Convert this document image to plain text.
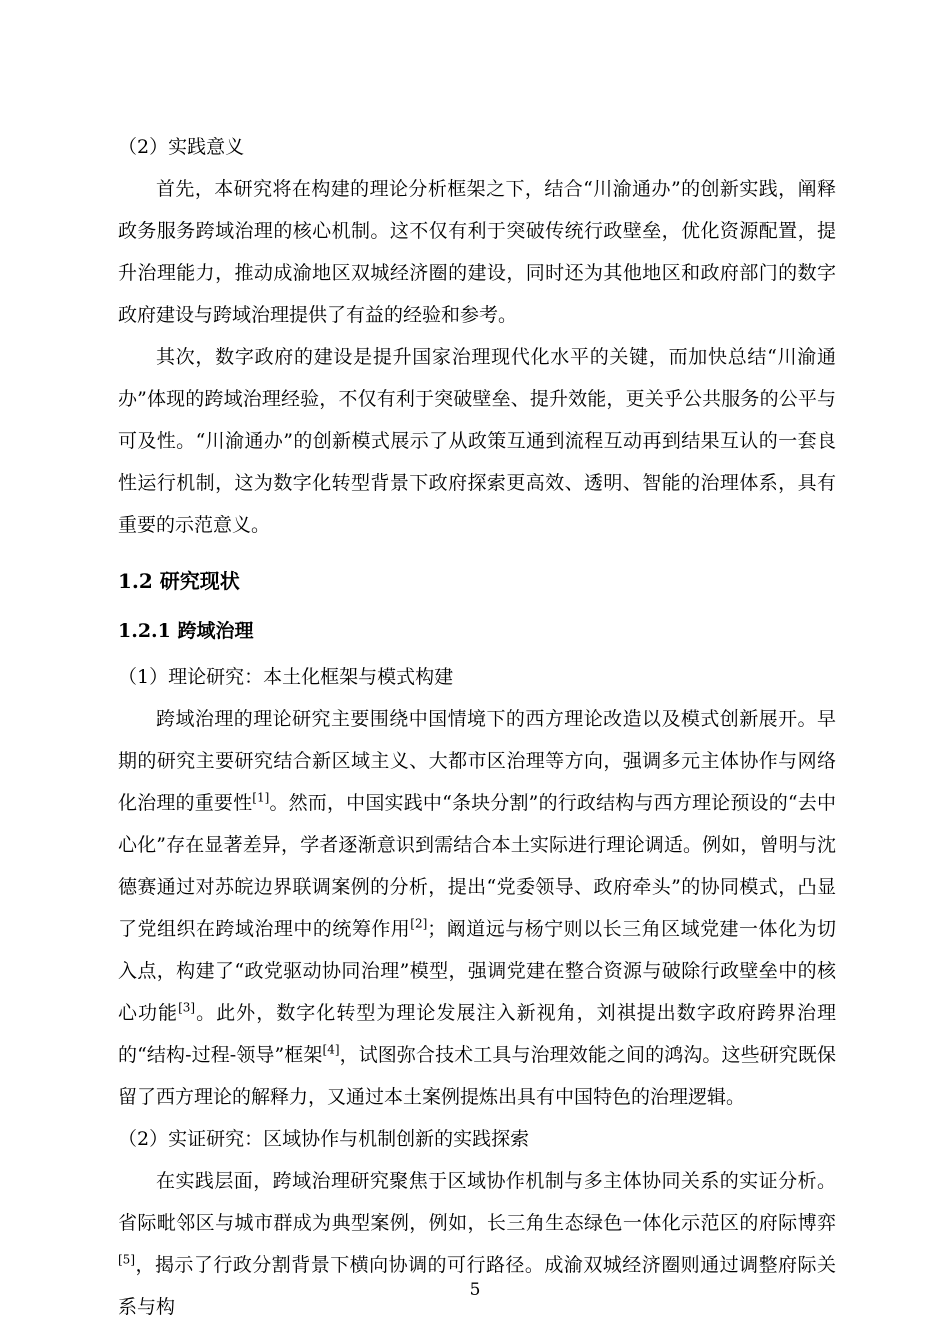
（2）实践意义

首先，本研究将在构建的理论分析框架之下，结合“川渝通办”的创新实践，阐释政务服务跨域治理的核心机制。这不仅有利于突破传统行政壁垒，优化资源配置，提升治理能力，推动成渝地区双城经济圈的建设，同时还为其他地区和政府部门的数字政府建设与跨域治理提供了有益的经验和参考。

其次，数字政府的建设是提升国家治理现代化水平的关键，而加快总结“川渝通办”体现的跨域治理经验，不仅有利于突破壁垒、提升效能，更关乎公共服务的公平与可及性。“川渝通办”的创新模式展示了从政策互通到流程互动再到结果互认的一套良性运行机制，这为数字化转型背景下政府探索更高效、透明、智能的治理体系，具有重要的示范意义。

1.2 研究现状
1.2.1 跨域治理

（1）理论研究：本土化框架与模式构建

跨域治理的理论研究主要围绕中国情境下的西方理论改造以及模式创新展开。早期的研究主要研究结合新区域主义、大都市区治理等方向，强调多元主体协作与网络化治理的重要性[1]。然而，中国实践中“条块分割”的行政结构与西方理论预设的“去中心化”存在显著差异，学者逐渐意识到需结合本土实际进行理论调适。例如，曾明与沈德赛通过对苏皖边界联调案例的分析，提出“党委领导、政府牵头”的协同模式，凸显了党组织在跨域治理中的统筹作用[2]；阚道远与杨宁则以长三角区域党建一体化为切入点，构建了“政党驱动协同治理”模型，强调党建在整合资源与破除行政壁垒中的核心功能[3]。此外，数字化转型为理论发展注入新视角，刘祺提出数字政府跨界治理的“结构-过程-领导”框架[4]，试图弥合技术工具与治理效能之间的鸿沟。这些研究既保留了西方理论的解释力，又通过本土案例提炼出具有中国特色的治理逻辑。

（2）实证研究：区域协作与机制创新的实践探索

在实践层面，跨域治理研究聚焦于区域协作机制与多主体协同关系的实证分析。省际毗邻区与城市群成为典型案例，例如，长三角生态绿色一体化示范区的府际博弈[5]，揭示了行政分割背景下横向协调的可行路径。成渝双城经济圈则通过调整府际关系与构

5
